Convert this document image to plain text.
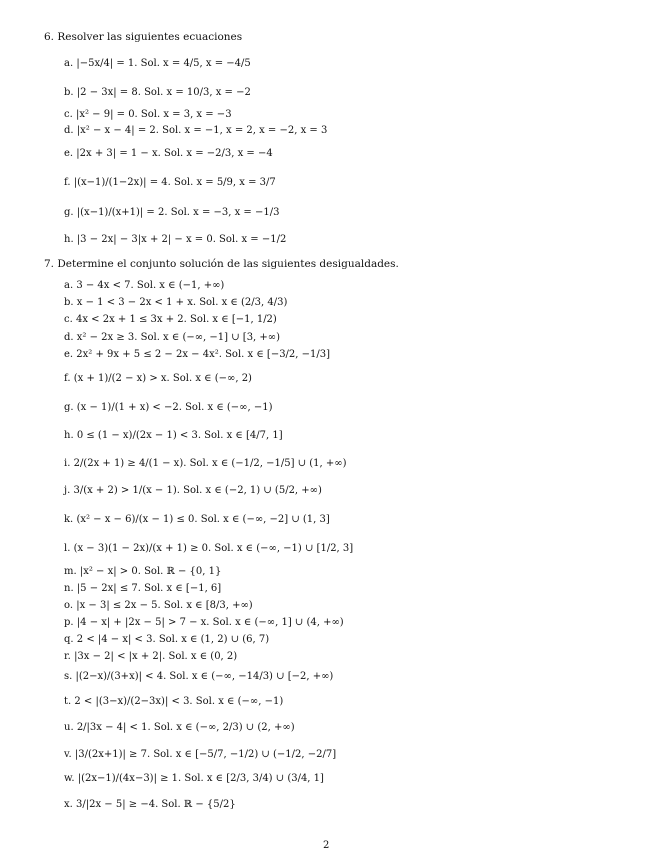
6. Resolver las siguientes ecuaciones
a. |−5x/4| = 1. Sol. x = 4/5, x = −4/5
b. |2 − 3x| = 8. Sol. x = 10/3, x = −2
c. |x² − 9| = 0. Sol. x = 3, x = −3
d. |x² − x − 4| = 2. Sol. x = −1, x = 2, x = −2, x = 3
e. |2x + 3| = 1 − x. Sol. x = −2/3, x = −4
f. |(x−1)/(1−2x)| = 4. Sol. x = 5/9, x = 3/7
g. |(x−1)/(x+1)| = 2. Sol. x = −3, x = −1/3
h. |3 − 2x| − 3|x + 2| − x = 0. Sol. x = −1/2
7. Determine el conjunto solución de las siguientes desigualdades.
a. 3 − 4x < 7. Sol. x ∈ (−1, +∞)
b. x − 1 < 3 − 2x < 1 + x. Sol. x ∈ (2/3, 4/3)
c. 4x < 2x + 1 ≤ 3x + 2. Sol. x ∈ [−1, 1/2)
d. x² − 2x ≥ 3. Sol. x ∈ (−∞, −1] ∪ [3, +∞)
e. 2x² + 9x + 5 ≤ 2 − 2x − 4x². Sol. x ∈ [−3/2, −1/3]
f. (x + 1)/(2 − x) > x. Sol. x ∈ (−∞, 2)
g. (x − 1)/(1 + x) < −2. Sol. x ∈ (−∞, −1)
h. 0 ≤ (1 − x)/(2x − 1) < 3. Sol. x ∈ [4/7, 1]
i. 2/(2x + 1) ≥ 4/(1 − x). Sol. x ∈ (−1/2, −1/5] ∪ (1, +∞)
j. 3/(x + 2) > 1/(x − 1). Sol. x ∈ (−2, 1) ∪ (5/2, +∞)
k. (x² − x − 6)/(x − 1) ≤ 0. Sol. x ∈ (−∞, −2] ∪ (1, 3]
l. (x − 3)(1 − 2x)/(x + 1) ≥ 0. Sol. x ∈ (−∞, −1) ∪ [1/2, 3]
m. |x² − x| > 0. Sol. ℝ − {0, 1}
n. |5 − 2x| ≤ 7. Sol. x ∈ [−1, 6]
o. |x − 3| ≤ 2x − 5. Sol. x ∈ [8/3, +∞)
p. |4 − x| + |2x − 5| > 7 − x. Sol. x ∈ (−∞, 1] ∪ (4, +∞)
q. 2 < |4 − x| < 3. Sol. x ∈ (1, 2) ∪ (6, 7)
r. |3x − 2| < |x + 2|. Sol. x ∈ (0, 2)
s. |(2−x)/(3+x)| < 4. Sol. x ∈ (−∞, −14/3) ∪ [−2, +∞)
t. 2 < |(3−x)/(2−3x)| < 3. Sol. x ∈ (−∞, −1)
u. 2/|3x − 4| < 1. Sol. x ∈ (−∞, 2/3) ∪ (2, +∞)
v. |3/(2x+1)| ≥ 7. Sol. x ∈ [−5/7, −1/2) ∪ (−1/2, −2/7]
w. |(2x−1)/(4x−3)| ≥ 1. Sol. x ∈ [2/3, 3/4) ∪ (3/4, 1]
x. 3/|2x − 5| ≥ −4. Sol. ℝ − {5/2}
2
